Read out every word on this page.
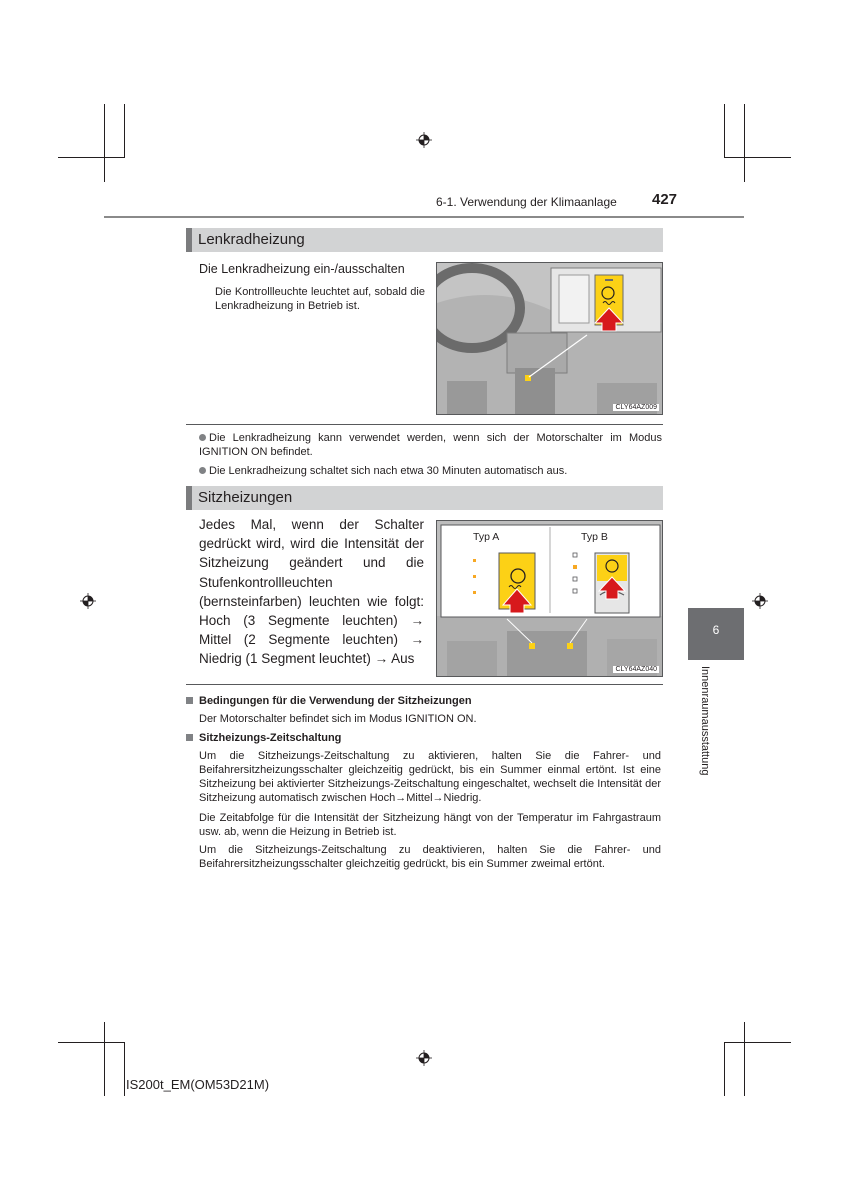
6-1. Verwendung der Klimaanlage 427
Lenkradheizung
Die Lenkradheizung ein-/ausschalten
Die Kontrollleuchte leuchtet auf, sobald die Lenkradheizung in Betrieb ist.
CLY64AZ009
Die Lenkradheizung kann verwendet werden, wenn sich der Motorschalter im Modus IGNITION ON befindet.
Die Lenkradheizung schaltet sich nach etwa 30 Minuten automatisch aus.
Sitzheizungen
Jedes Mal, wenn der Schalter gedrückt wird, wird die Intensität der Sitzheizung geändert und die Stufenkontrollleuchten (bernsteinfarben) leuchten wie folgt: Hoch (3 Segmente leuchten) → Mittel (2 Segmente leuchten) → Niedrig (1 Segment leuchtet) → Aus
Typ A	Typ B
CLY64AZ040
Bedingungen für die Verwendung der Sitzheizungen
Der Motorschalter befindet sich im Modus IGNITION ON.
Sitzheizungs-Zeitschaltung
Um die Sitzheizungs-Zeitschaltung zu aktivieren, halten Sie die Fahrer- und Beifahrersitzheizungsschalter gleichzeitig gedrückt, bis ein Summer einmal ertönt. Ist eine Sitzheizung bei aktivierter Sitzheizungs-Zeitschaltung eingeschaltet, wechselt die Intensität der Sitzheizung automatisch zwischen Hoch→Mittel→Niedrig.
Die Zeitabfolge für die Intensität der Sitzheizung hängt von der Temperatur im Fahrgastraum usw. ab, wenn die Heizung in Betrieb ist.
Um die Sitzheizungs-Zeitschaltung zu deaktivieren, halten Sie die Fahrer- und Beifahrersitzheizungsschalter gleichzeitig gedrückt, bis ein Summer zweimal ertönt.
6
Innenraumausstattung
IS200t_EM(OM53D21M)
